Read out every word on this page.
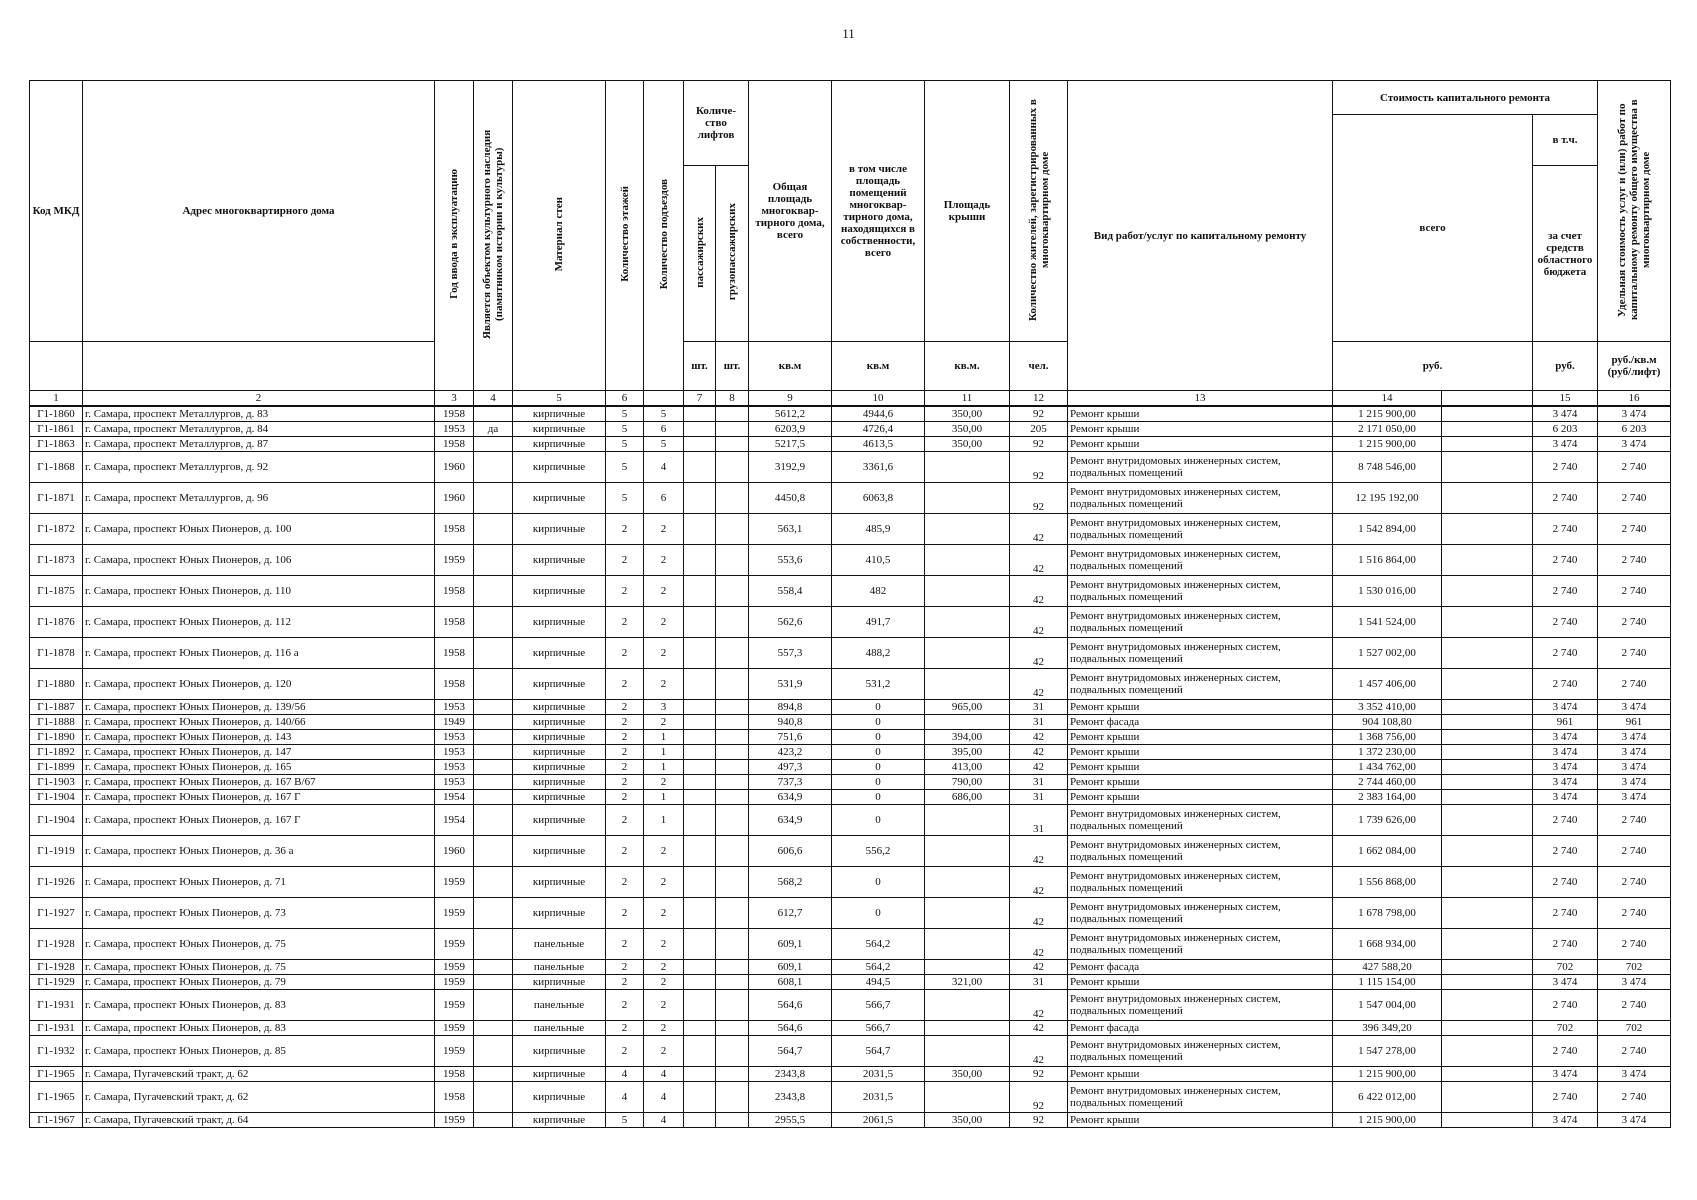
11
Код МКД	Адрес многоквартирного дома	Год ввода в эксплуатацию	Является объектом культурного наследия (памятником истории и культуры)	Материал стен	Количество этажей	Количество подъездов	Количе-ство лифтов		Общая площадь многоквар-тирного дома, всего	в том числе площадь помещений многоквар-тирного дома, находящихся в собственности, всего	Площадь крыши	Количество жителей, зарегистрированных в многоквартирном доме	Вид работ/услуг по капитальному ремонту	Стоимость капитального ремонта			Удельная стоимость услуг и (или) работ по капитальному ремонту общего имущества в многоквартирном доме	
														всего		в т.ч.		
							пассажирских	грузопассажирских								за счет средств областного бюджета		
							шт.	шт.	кв.м	кв.м	кв.м.	чел.		руб.		руб.	руб./кв.м (руб/лифт)	
1	2	3	4	5	6		7	8	9	10	11	12	13	14		15	16	
Г1-1860	г. Самара, проспект Металлургов, д. 83	1958		кирпичные	5	5			5612,2	4944,6	350,00	92	Ремонт крыши	1 215 900,00		3 474	3 474	
Г1-1861	г. Самара, проспект Металлургов, д. 84	1953	да	кирпичные	5	6			6203,9	4726,4	350,00	205	Ремонт крыши	2 171 050,00		6 203	6 203	
Г1-1863	г. Самара, проспект Металлургов, д. 87	1958		кирпичные	5	5			5217,5	4613,5	350,00	92	Ремонт крыши	1 215 900,00		3 474	3 474	
Г1-1868	г. Самара, проспект Металлургов, д. 92	1960		кирпичные	5	4			3192,9	3361,6		92	Ремонт внутридомовых инженерных систем, подвальных помещений	8 748 546,00		2 740	2 740	
Г1-1871	г. Самара, проспект Металлургов, д. 96	1960		кирпичные	5	6			4450,8	6063,8		92	Ремонт внутридомовых инженерных систем, подвальных помещений	12 195 192,00		2 740	2 740	
Г1-1872	г. Самара, проспект Юных Пионеров, д. 100	1958		кирпичные	2	2			563,1	485,9		42	Ремонт внутридомовых инженерных систем, подвальных помещений	1 542 894,00		2 740	2 740	
Г1-1873	г. Самара, проспект Юных Пионеров, д. 106	1959		кирпичные	2	2			553,6	410,5		42	Ремонт внутридомовых инженерных систем, подвальных помещений	1 516 864,00		2 740	2 740	
Г1-1875	г. Самара, проспект Юных Пионеров, д. 110	1958		кирпичные	2	2			558,4	482		42	Ремонт внутридомовых инженерных систем, подвальных помещений	1 530 016,00		2 740	2 740	
Г1-1876	г. Самара, проспект Юных Пионеров, д. 112	1958		кирпичные	2	2			562,6	491,7		42	Ремонт внутридомовых инженерных систем, подвальных помещений	1 541 524,00		2 740	2 740	
Г1-1878	г. Самара, проспект Юных Пионеров, д. 116 а	1958		кирпичные	2	2			557,3	488,2		42	Ремонт внутридомовых инженерных систем, подвальных помещений	1 527 002,00		2 740	2 740	
Г1-1880	г. Самара, проспект Юных Пионеров, д. 120	1958		кирпичные	2	2			531,9	531,2		42	Ремонт внутридомовых инженерных систем, подвальных помещений	1 457 406,00		2 740	2 740	
Г1-1887	г. Самара, проспект Юных Пионеров, д. 139/56	1953		кирпичные	2	3			894,8	0	965,00	31	Ремонт крыши	3 352 410,00		3 474	3 474	
Г1-1888	г. Самара, проспект Юных Пионеров, д. 140/66	1949		кирпичные	2	2			940,8	0		31	Ремонт фасада	904 108,80		961	961	
Г1-1890	г. Самара, проспект Юных Пионеров, д. 143	1953		кирпичные	2	1			751,6	0	394,00	42	Ремонт крыши	1 368 756,00		3 474	3 474	
Г1-1892	г. Самара, проспект Юных Пионеров, д. 147	1953		кирпичные	2	1			423,2	0	395,00	42	Ремонт крыши	1 372 230,00		3 474	3 474	
Г1-1899	г. Самара, проспект Юных Пионеров, д. 165	1953		кирпичные	2	1			497,3	0	413,00	42	Ремонт крыши	1 434 762,00		3 474	3 474	
Г1-1903	г. Самара, проспект Юных Пионеров, д. 167 В/67	1953		кирпичные	2	2			737,3	0	790,00	31	Ремонт крыши	2 744 460,00		3 474	3 474	
Г1-1904	г. Самара, проспект Юных Пионеров, д. 167 Г	1954		кирпичные	2	1			634,9	0	686,00	31	Ремонт крыши	2 383 164,00		3 474	3 474	
Г1-1904	г. Самара, проспект Юных Пионеров, д. 167 Г	1954		кирпичные	2	1			634,9	0		31	Ремонт внутридомовых инженерных систем, подвальных помещений	1 739 626,00		2 740	2 740	
Г1-1919	г. Самара, проспект Юных Пионеров, д. 36 а	1960		кирпичные	2	2			606,6	556,2		42	Ремонт внутридомовых инженерных систем, подвальных помещений	1 662 084,00		2 740	2 740	
Г1-1926	г. Самара, проспект Юных Пионеров, д. 71	1959		кирпичные	2	2			568,2	0		42	Ремонт внутридомовых инженерных систем, подвальных помещений	1 556 868,00		2 740	2 740	
Г1-1927	г. Самара, проспект Юных Пионеров, д. 73	1959		кирпичные	2	2			612,7	0		42	Ремонт внутридомовых инженерных систем, подвальных помещений	1 678 798,00		2 740	2 740	
Г1-1928	г. Самара, проспект Юных Пионеров, д. 75	1959		панельные	2	2			609,1	564,2		42	Ремонт внутридомовых инженерных систем, подвальных помещений	1 668 934,00		2 740	2 740	
Г1-1928	г. Самара, проспект Юных Пионеров, д. 75	1959		панельные	2	2			609,1	564,2		42	Ремонт фасада	427 588,20		702	702	
Г1-1929	г. Самара, проспект Юных Пионеров, д. 79	1959		кирпичные	2	2			608,1	494,5	321,00	31	Ремонт крыши	1 115 154,00		3 474	3 474	
Г1-1931	г. Самара, проспект Юных Пионеров, д. 83	1959		панельные	2	2			564,6	566,7		42	Ремонт внутридомовых инженерных систем, подвальных помещений	1 547 004,00		2 740	2 740	
Г1-1931	г. Самара, проспект Юных Пионеров, д. 83	1959		панельные	2	2			564,6	566,7		42	Ремонт фасада	396 349,20		702	702	
Г1-1932	г. Самара, проспект Юных Пионеров, д. 85	1959		кирпичные	2	2			564,7	564,7		42	Ремонт внутридомовых инженерных систем, подвальных помещений	1 547 278,00		2 740	2 740	
Г1-1965	г. Самара, Пугачевский тракт, д. 62	1958		кирпичные	4	4			2343,8	2031,5	350,00	92	Ремонт крыши	1 215 900,00		3 474	3 474	
Г1-1965	г. Самара, Пугачевский тракт, д. 62	1958		кирпичные	4	4			2343,8	2031,5		92	Ремонт внутридомовых инженерных систем, подвальных помещений	6 422 012,00		2 740	2 740	
Г1-1967	г. Самара, Пугачевский тракт, д. 64	1959		кирпичные	5	4			2955,5	2061,5	350,00	92	Ремонт крыши	1 215 900,00		3 474	3 474	
